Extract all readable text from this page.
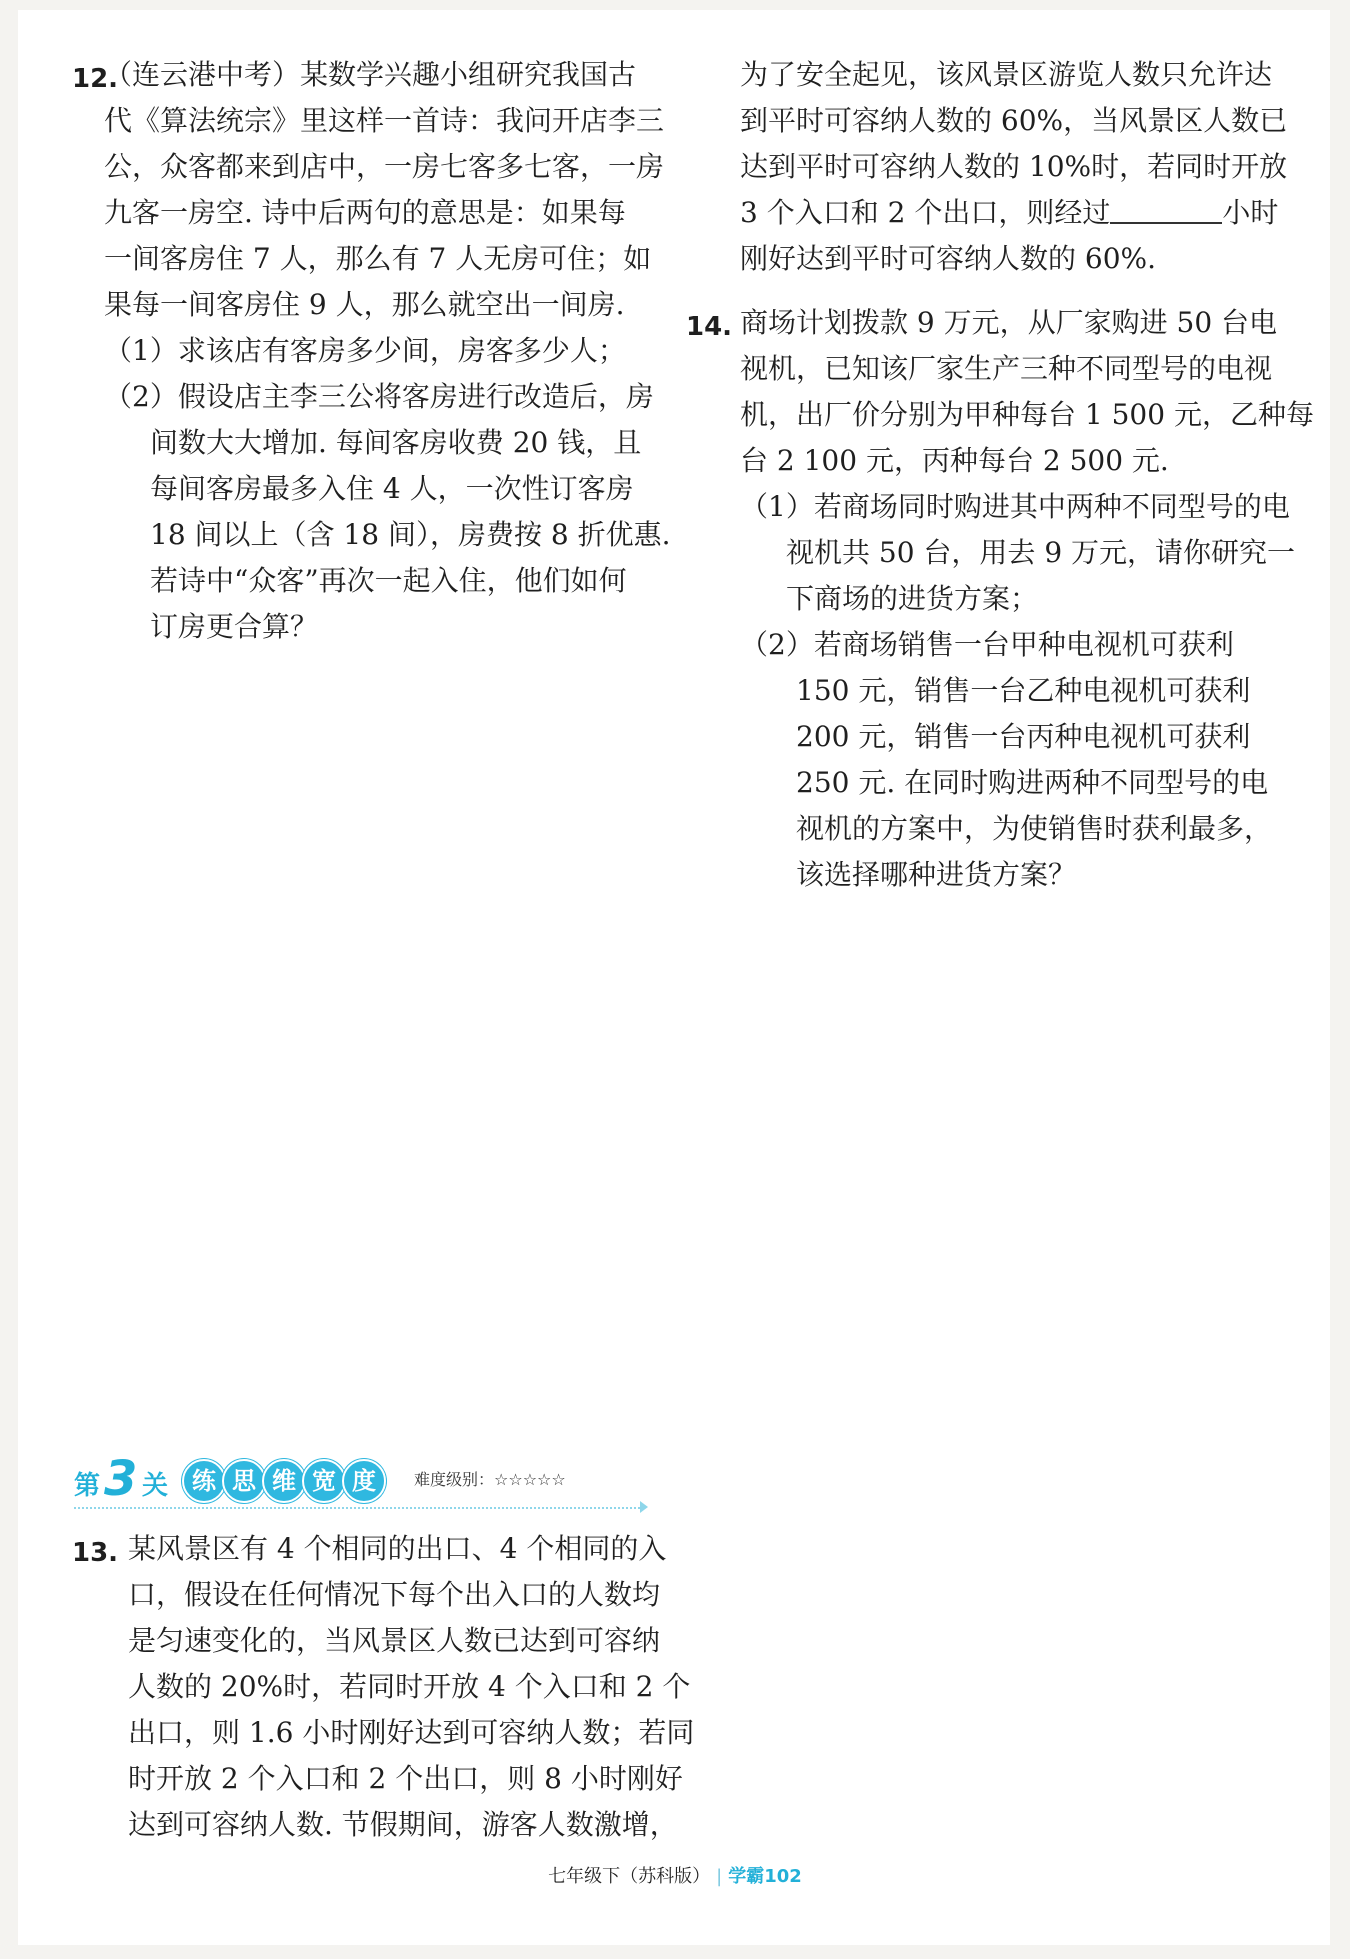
12.
（连云港中考）某数学兴趣小组研究我国古
代《算法统宗》里这样一首诗：我问开店李三
公，众客都来到店中，一房七客多七客，一房
九客一房空. 诗中后两句的意思是：如果每
一间客房住 7 人，那么有 7 人无房可住；如
果每一间客房住 9 人，那么就空出一间房.
（1）求该店有客房多少间，房客多少人；
（2）假设店主李三公将客房进行改造后，房
间数大大增加. 每间客房收费 20 钱，且
每间客房最多入住 4 人，一次性订客房
18 间以上（含 18 间），房费按 8 折优惠.
若诗中“众客”再次一起入住，他们如何
订房更合算？
为了安全起见，该风景区游览人数只允许达
到平时可容纳人数的 60%，当风景区人数已
达到平时可容纳人数的 10%时，若同时开放
3 个入口和 2 个出口，则经过	小时
刚好达到平时可容纳人数的 60%.
14. 商场计划拨款 9 万元，从厂家购进 50 台电
视机，已知该厂家生产三种不同型号的电视
机，出厂价分别为甲种每台 1 500 元，乙种每
台 2 100 元，丙种每台 2 500 元.
（1）若商场同时购进其中两种不同型号的电
视机共 50 台，用去 9 万元，请你研究一
下商场的进货方案；
（2）若商场销售一台甲种电视机可获利
150 元，销售一台乙种电视机可获利
200 元，销售一台丙种电视机可获利
250 元. 在同时购进两种不同型号的电
视机的方案中，为使销售时获利最多，
该选择哪种进货方案？
第 3 关 练 思 维 宽 度	难度级别：☆☆☆☆☆
13. 某风景区有 4 个相同的出口、4 个相同的入
口，假设在任何情况下每个出入口的人数均
是匀速变化的，当风景区人数已达到可容纳
人数的 20%时，若同时开放 4 个入口和 2 个
出口，则 1.6 小时刚好达到可容纳人数；若同
时开放 2 个入口和 2 个出口，则 8 小时刚好
达到可容纳人数. 节假期间，游客人数激增，
七年级下（苏科版） | 学霸102
